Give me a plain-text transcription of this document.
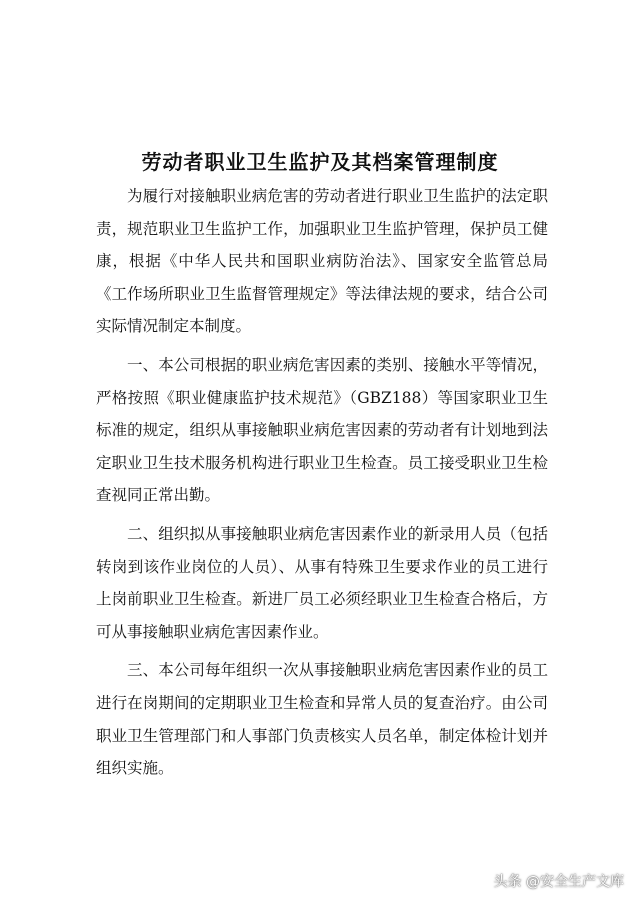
劳动者职业卫生监护及其档案管理制度

为履行对接触职业病危害的劳动者进行职业卫生监护的法定职责，规范职业卫生监护工作，加强职业卫生监护管理，保护员工健康，根据《中华人民共和国职业病防治法》、国家安全监管总局《工作场所职业卫生监督管理规定》等法律法规的要求，结合公司实际情况制定本制度。

一、本公司根据的职业病危害因素的类别、接触水平等情况，严格按照《职业健康监护技术规范》（GBZ188）等国家职业卫生标准的规定，组织从事接触职业病危害因素的劳动者有计划地到法定职业卫生技术服务机构进行职业卫生检查。员工接受职业卫生检查视同正常出勤。

二、组织拟从事接触职业病危害因素作业的新录用人员（包括转岗到该作业岗位的人员）、从事有特殊卫生要求作业的员工进行上岗前职业卫生检查。新进厂员工必须经职业卫生检查合格后，方可从事接触职业病危害因素作业。

三、本公司每年组织一次从事接触职业病危害因素作业的员工进行在岗期间的定期职业卫生检查和异常人员的复查治疗。由公司职业卫生管理部门和人事部门负责核实人员名单，制定体检计划并组织实施。

头条 @安全生产文库
